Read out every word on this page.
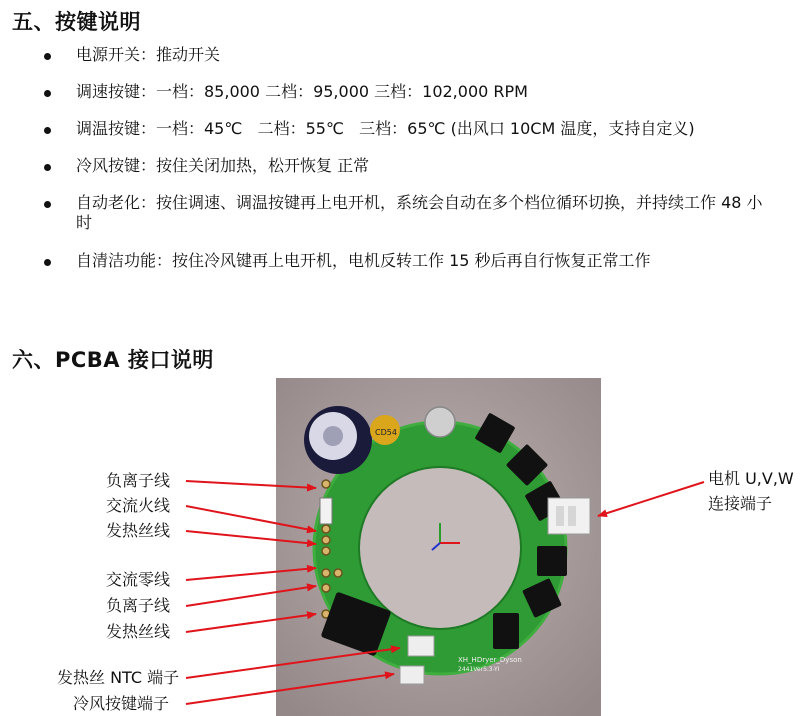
五、按键说明
电源开关：推动开关
调速按键：一档：85,000 二档：95,000 三档：102,000 RPM
调温按键：一档：45℃   二档：55℃   三档：65℃ (出风口 10CM 温度，支持自定义)
冷风按键：按住关闭加热，松开恢复 正常
自动老化：按住调速、调温按键再上电开机，系统会自动在多个档位循环切换，并持续工作 48 小时
自清洁功能：按住冷风键再上电开机，电机反转工作 15 秒后再自行恢复正常工作
六、PCBA 接口说明
CD54
XH_HDryer_Dyson
2441Ver5.3-YI
负离子线
交流火线
发热丝线
交流零线
负离子线
发热丝线
发热丝 NTC 端子
冷风按键端子
电机 U,V,W
连接端子
